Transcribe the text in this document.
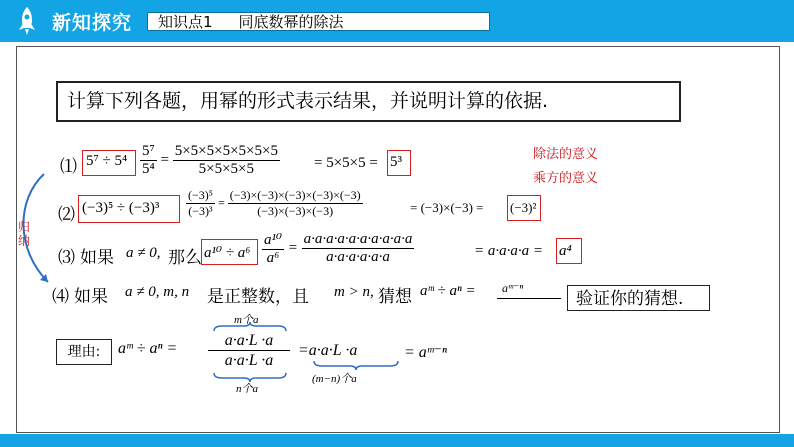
新知探究	知识点1 同底数幂的除法
计算下列各题，用幂的形式表示结果，并说明计算的依据.
⑴ $5^7 \div 5^4 \frac{\text{5⁷}}{\text{5⁴}} = \frac{5\times 5\times 5\times 5\times 5\times 5\times 5}{5\times 5\times 5\times 5} = 5\times 5\times 5 = 5^3$	除法的意义
乘方的意义
⑵ $(-3)^5 \div (-3)^3 \frac{\text{(−3)⁵}}{\text{(−3)³}} = \frac{(-3)\times(-3)\times(-3)\times(-3)\times(-3)}{(-3)\times(-3)\times(-3)}$	= (−3)×(−3) = (−3)²
⑶ 如果 a ≠ 0, 那么 $a^{10} \div a^6 \frac{\text{a¹⁰}}{\text{a⁶}} = \frac{a\cdot a\cdot a\cdot a\cdot a\cdot a\cdot a\cdot a\cdot a\cdot a}{a\cdot a\cdot a\cdot a\cdot a\cdot a}$	= a·a·a·a = a⁴
归纳
⑷ 如果 a ≠ 0, m, n 是正整数，且 m > n, 猜想 aᵐ ÷ aⁿ = aᵐ⁻ⁿ
验证你的猜想.
理由:	aᵐ ÷ aⁿ =
m个a
a·a·L ·a
a·a·L ·a
n个a
=a·a·L ·a
(m−n)个a
= aᵐ⁻ⁿ
